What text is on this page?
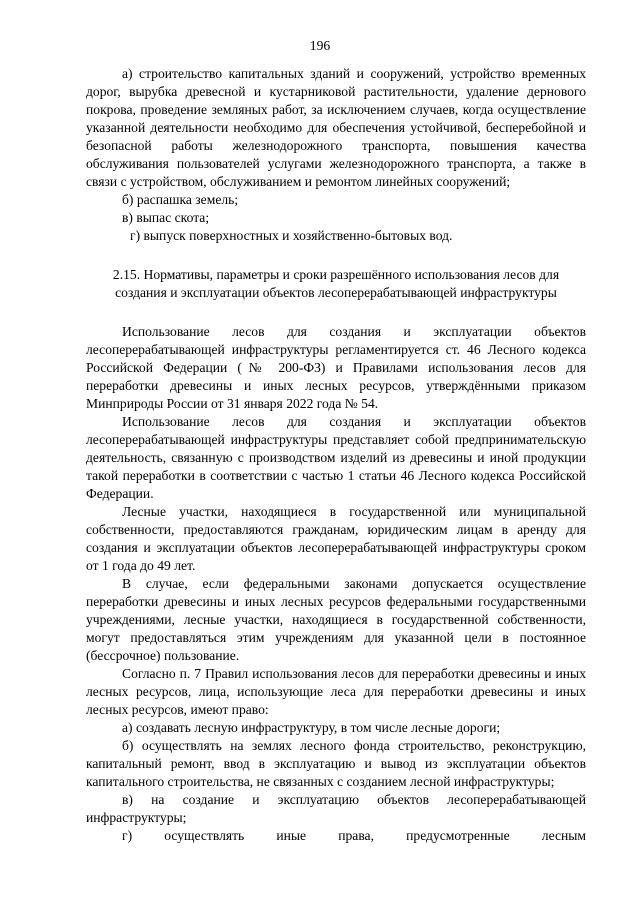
196

а) строительство капитальных зданий и сооружений, устройство временных дорог, вырубка древесной и кустарниковой растительности, удаление дернового покрова, проведение земляных работ, за исключением случаев, когда осуществление указанной деятельности необходимо для обеспечения устойчивой, бесперебойной и безопасной работы железнодорожного транспорта, повышения качества обслуживания пользователей услугами железнодорожного транспорта, а также в связи с устройством, обслуживанием и ремонтом линейных сооружений;

б) распашка земель;

в) выпас скота;

г) выпуск поверхностных и хозяйственно-бытовых вод.

2.15. Нормативы, параметры и сроки разрешённого использования лесов для создания и эксплуатации объектов лесоперерабатывающей инфраструктуры

Использование лесов для создания и эксплуатации объектов лесоперерабатывающей инфраструктуры регламентируется ст. 46 Лесного кодекса Российской Федерации (№ 200-ФЗ) и Правилами использования лесов для переработки древесины и иных лесных ресурсов, утверждёнными приказом Минприроды России от 31 января 2022 года № 54.

Использование лесов для создания и эксплуатации объектов лесоперерабатывающей инфраструктуры представляет собой предпринимательскую деятельность, связанную с производством изделий из древесины и иной продукции такой переработки в соответствии с частью 1 статьи 46 Лесного кодекса Российской Федерации.

Лесные участки, находящиеся в государственной или муниципальной собственности, предоставляются гражданам, юридическим лицам в аренду для создания и эксплуатации объектов лесоперерабатывающей инфраструктуры сроком от 1 года до 49 лет.

В случае, если федеральными законами допускается осуществление переработки древесины и иных лесных ресурсов федеральными государственными учреждениями, лесные участки, находящиеся в государственной собственности, могут предоставляться этим учреждениям для указанной цели в постоянное (бессрочное) пользование.

Согласно п. 7 Правил использования лесов для переработки древесины и иных лесных ресурсов, лица, использующие леса для переработки древесины и иных лесных ресурсов, имеют право:

а) создавать лесную инфраструктуру, в том числе лесные дороги;

б) осуществлять на землях лесного фонда строительство, реконструкцию, капитальный ремонт, ввод в эксплуатацию и вывод из эксплуатации объектов капитального строительства, не связанных с созданием лесной инфраструктуры;

в) на создание и эксплуатацию объектов лесоперерабатывающей инфраструктуры;

г) осуществлять иные права, предусмотренные лесным
